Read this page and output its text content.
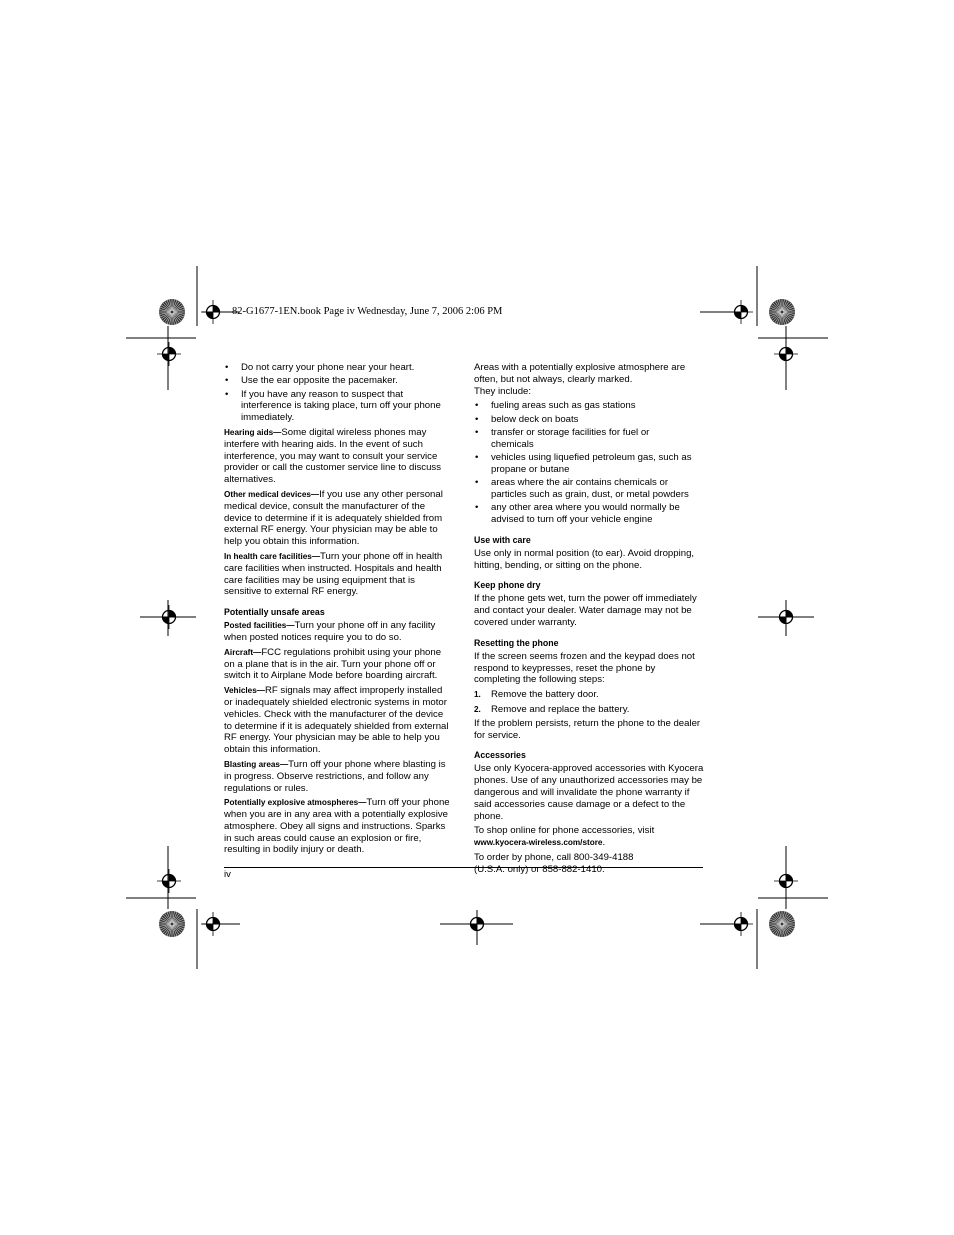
82-G1677-1EN.book Page iv Wednesday, June 7, 2006 2:06 PM
• Do not carry your phone near your heart.
• Use the ear opposite the pacemaker.
• If you have any reason to suspect that interference is taking place, turn off your phone immediately.

Hearing aids—Some digital wireless phones may interfere with hearing aids. In the event of such interference, you may want to consult your service provider or call the customer service line to discuss alternatives.

Other medical devices—If you use any other personal medical device, consult the manufacturer of the device to determine if it is adequately shielded from external RF energy. Your physician may be able to help you obtain this information.

In health care facilities—Turn your phone off in health care facilities when instructed. Hospitals and health care facilities may be using equipment that is sensitive to external RF energy.

Potentially unsafe areas

Posted facilities—Turn your phone off in any facility when posted notices require you to do so.

Aircraft—FCC regulations prohibit using your phone on a plane that is in the air. Turn your phone off or switch it to Airplane Mode before boarding aircraft.

Vehicles—RF signals may affect improperly installed or inadequately shielded electronic systems in motor vehicles. Check with the manufacturer of the device to determine if it is adequately shielded from external RF energy. Your physician may be able to help you obtain this information.

Blasting areas—Turn off your phone where blasting is in progress. Observe restrictions, and follow any regulations or rules.

Potentially explosive atmospheres—Turn off your phone when you are in any area with a potentially explosive atmosphere. Obey all signs and instructions. Sparks in such areas could cause an explosion or fire, resulting in bodily injury or death.

Areas with a potentially explosive atmosphere are often, but not always, clearly marked.

They include:

• fueling areas such as gas stations
• below deck on boats
• transfer or storage facilities for fuel or chemicals
• vehicles using liquefied petroleum gas, such as propane or butane
• areas where the air contains chemicals or particles such as grain, dust, or metal powders
• any other area where you would normally be advised to turn off your vehicle engine
Use with care

Use only in normal position (to ear). Avoid dropping, hitting, bending, or sitting on the phone.

Keep phone dry

If the phone gets wet, turn the power off immediately and contact your dealer. Water damage may not be covered under warranty.

Resetting the phone

If the screen seems frozen and the keypad does not respond to keypresses, reset the phone by completing the following steps:

1. Remove the battery door.
2. Remove and replace the battery.

If the problem persists, return the phone to the dealer for service.

Accessories

Use only Kyocera-approved accessories with Kyocera phones. Use of any unauthorized accessories may be dangerous and will invalidate the phone warranty if said accessories cause damage or a defect to the phone.

To shop online for phone accessories, visit

www.kyocera-wireless.com/store.

To order by phone, call 800-349-4188

(U.S.A. only) or 858-882-1410.

iv
